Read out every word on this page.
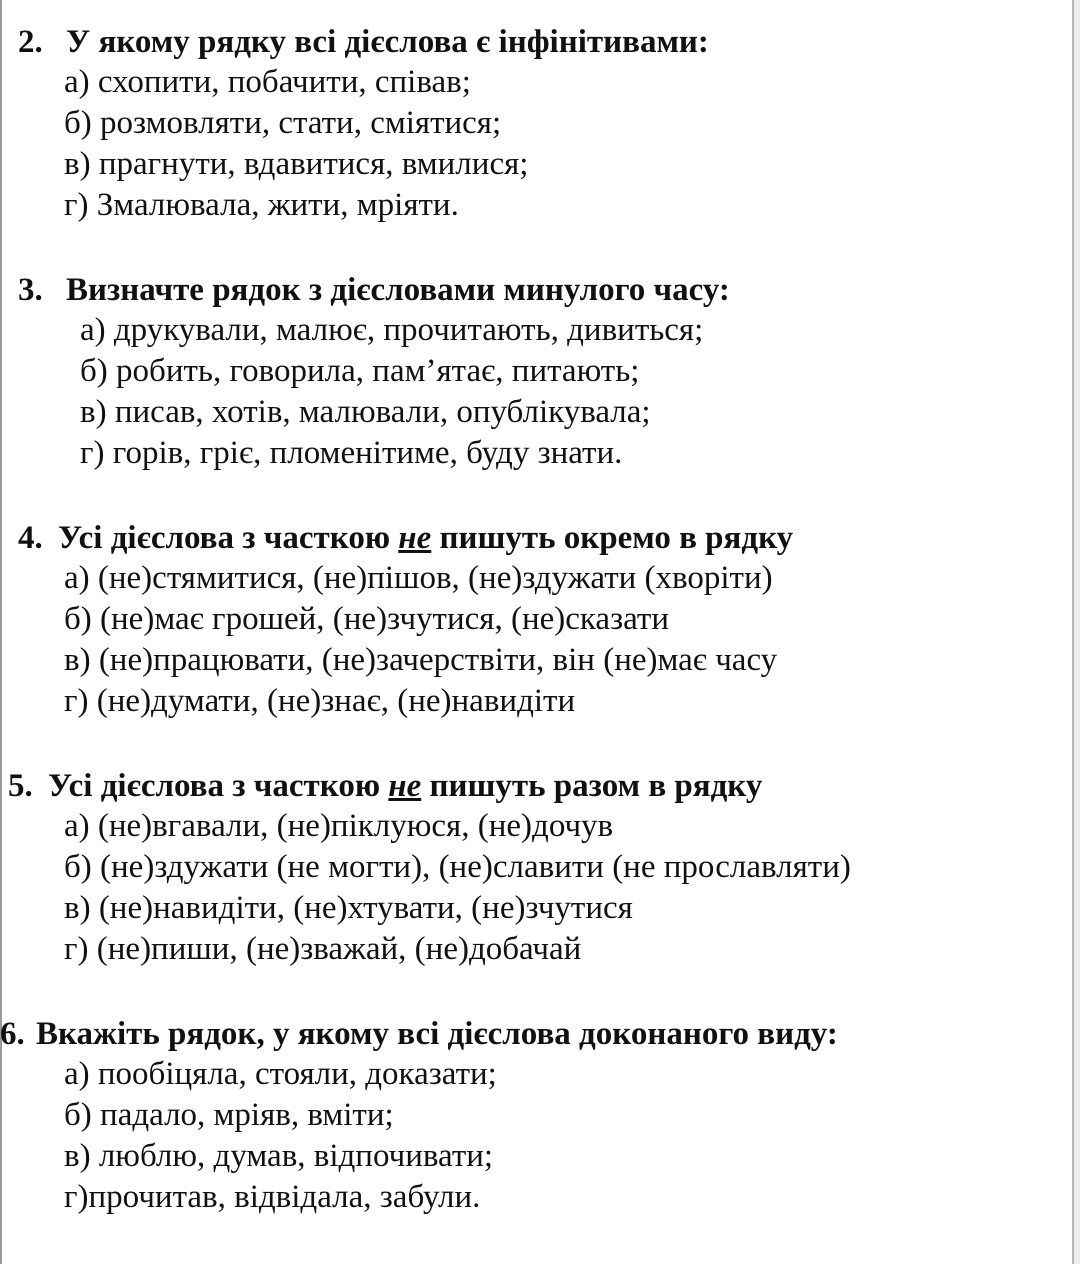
2. У якому рядку всі дієслова є інфінітивами:
а) схопити, побачити, співав;
б) розмовляти, стати, сміятися;
в) прагнути, вдавитися, вмилися;
г) Змалювала, жити, мріяти.
3. Визначте рядок з дієсловами минулого часу:
а) друкували, малює, прочитають, дивиться;
б) робить, говорила, пам’ятає, питають;
в) писав, хотів, малювали, опублікувала;
г) горів, гріє, пломенітиме, буду знати.
4. Усі дієслова з часткою не пишуть окремо в рядку
а) (не)стямитися, (не)пішов, (не)здужати (хворіти)
б) (не)має грошей, (не)зчутися, (не)сказати
в) (не)працювати, (не)зачерствіти, він (не)має часу
г) (не)думати, (не)знає, (не)навидіти
5. Усі дієслова з часткою не пишуть разом в рядку
а) (не)вгавали, (не)піклуюся, (не)дочув
б) (не)здужати (не могти), (не)славити (не прославляти)
в) (не)навидіти, (не)хтувати, (не)зчутися
г) (не)пиши, (не)зважай, (не)добачай
6. Вкажіть рядок, у якому всі дієслова доконаного виду:
а) пообіцяла, стояли, доказати;
б) падало, мріяв, вміти;
в) люблю, думав, відпочивати;
г)прочитав, відвідала, забули.
